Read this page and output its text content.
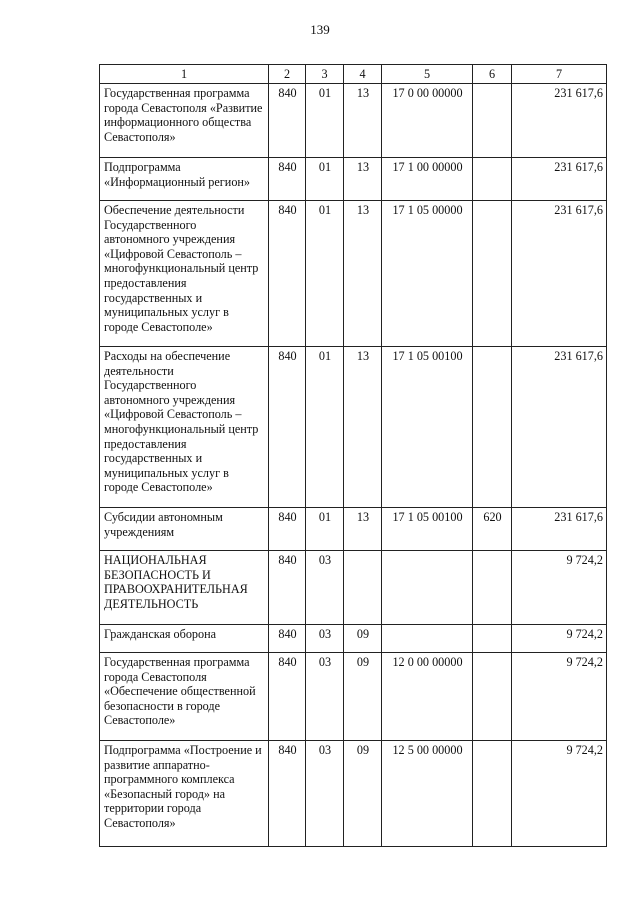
139
1	2	3	4	5	6	7
Государственная программа города Севастополя «Развитие информационного общества Севастополя»	840	01	13	17 0 00 00000		231 617,6
Подпрограмма «Информационный регион»	840	01	13	17 1 00 00000		231 617,6
Обеспечение деятельности Государственного автономного учреждения «Цифровой Севастополь – многофункциональный центр предоставления государственных и муниципальных услуг в городе Севастополе»	840	01	13	17 1 05 00000		231 617,6
Расходы на обеспечение деятельности Государственного автономного учреждения «Цифровой Севастополь – многофункциональный центр предоставления государственных и муниципальных услуг в городе Севастополе»	840	01	13	17 1 05 00100		231 617,6
Субсидии автономным учреждениям	840	01	13	17 1 05 00100	620	231 617,6
НАЦИОНАЛЬНАЯ БЕЗОПАСНОСТЬ И ПРАВООХРАНИТЕЛЬНАЯ ДЕЯТЕЛЬНОСТЬ	840	03				9 724,2
Гражданская оборона	840	03	09			9 724,2
Государственная программа города Севастополя «Обеспечение общественной безопасности в городе Севастополе»	840	03	09	12 0 00 00000		9 724,2
Подпрограмма «Построение и развитие аппаратно-программного комплекса «Безопасный город» на территории города Севастополя»	840	03	09	12 5 00 00000		9 724,2
